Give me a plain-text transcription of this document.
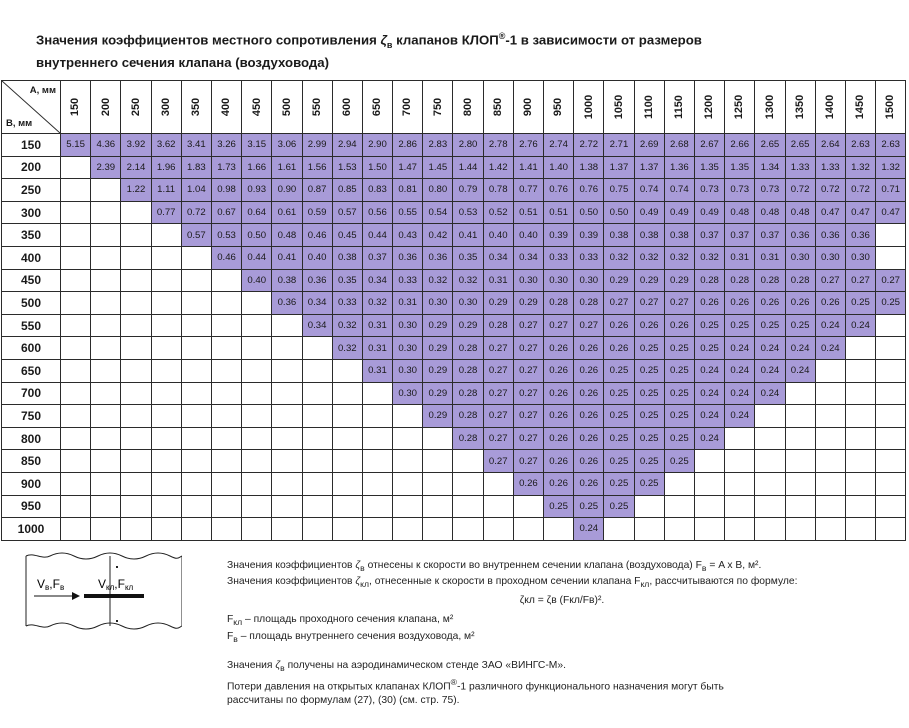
Значения коэффициентов местного сопротивления $\zeta_в$ клапанов КЛОП®-1 в зависимости от размеров
внутреннего сечения клапана (воздуховода)
А, мм
В, мм	150	200	250	300	350	400	450	500	550	600	650	700	750	800	850	900	950	1000	1050	1100	1150	1200	1250	1300	1350	1400	1450	1500
150	5.15	4.36	3.92	3.62	3.41	3.26	3.15	3.06	2.99	2.94	2.90	2.86	2.83	2.80	2.78	2.76	2.74	2.72	2.71	2.69	2.68	2.67	2.66	2.65	2.65	2.64	2.63	2.63
200		2.39	2.14	1.96	1.83	1.73	1.66	1.61	1.56	1.53	1.50	1.47	1.45	1.44	1.42	1.41	1.40	1.38	1.37	1.37	1.36	1.35	1.35	1.34	1.33	1.33	1.32	1.32
250			1.22	1.11	1.04	0.98	0.93	0.90	0.87	0.85	0.83	0.81	0.80	0.79	0.78	0.77	0.76	0.76	0.75	0.74	0.74	0.73	0.73	0.73	0.72	0.72	0.72	0.71
300				0.77	0.72	0.67	0.64	0.61	0.59	0.57	0.56	0.55	0.54	0.53	0.52	0.51	0.51	0.50	0.50	0.49	0.49	0.49	0.48	0.48	0.48	0.47	0.47	0.47
350					0.57	0.53	0.50	0.48	0.46	0.45	0.44	0.43	0.42	0.41	0.40	0.40	0.39	0.39	0.38	0.38	0.38	0.37	0.37	0.37	0.36	0.36	0.36	
400						0.46	0.44	0.41	0.40	0.38	0.37	0.36	0.36	0.35	0.34	0.34	0.33	0.33	0.32	0.32	0.32	0.32	0.31	0.31	0.30	0.30	0.30	
450							0.40	0.38	0.36	0.35	0.34	0.33	0.32	0.32	0.31	0.30	0.30	0.30	0.29	0.29	0.29	0.28	0.28	0.28	0.28	0.27	0.27	0.27
500								0.36	0.34	0.33	0.32	0.31	0.30	0.30	0.29	0.29	0.28	0.28	0.27	0.27	0.27	0.26	0.26	0.26	0.26	0.26	0.25	0.25
550									0.34	0.32	0.31	0.30	0.29	0.29	0.28	0.27	0.27	0.27	0.26	0.26	0.26	0.25	0.25	0.25	0.25	0.24	0.24	
600										0.32	0.31	0.30	0.29	0.28	0.27	0.27	0.26	0.26	0.26	0.25	0.25	0.25	0.24	0.24	0.24	0.24		
650											0.31	0.30	0.29	0.28	0.27	0.27	0.26	0.26	0.25	0.25	0.25	0.24	0.24	0.24	0.24			
700												0.30	0.29	0.28	0.27	0.27	0.26	0.26	0.25	0.25	0.25	0.24	0.24	0.24				
750													0.29	0.28	0.27	0.27	0.26	0.26	0.25	0.25	0.25	0.24	0.24					
800														0.28	0.27	0.27	0.26	0.26	0.25	0.25	0.25	0.24						
850															0.27	0.27	0.26	0.26	0.25	0.25	0.25							
900																0.26	0.26	0.26	0.25	0.25								
950																	0.25	0.25	0.25									
1000																		0.24										
Vв,Fв	Vкл,Fкл

Значения коэффициентов $\zeta_в$ отнесены к скорости во внутреннем сечении клапана (воздуховода) $F_в = A$ x B, м².

Значения коэффициентов $\zeta_{кл}$, отнесенные к скорости в проходном сечении клапана $F_{кл}$, рассчитываются по формуле:

ζкл = ζв (Fкл/Fв)².

$F_{кл}$ – площадь проходного сечения клапана, м²

$F_в$ – площадь внутреннего сечения воздуховода, м²

Значения $\zeta_в$ получены на аэродинамическом стенде ЗАО «ВИНГС-М».

Потери давления на открытых клапанах КЛОП®-1 различного функционального назначения могут быть

рассчитаны по формулам (27), (30) (см. стр. 75).
